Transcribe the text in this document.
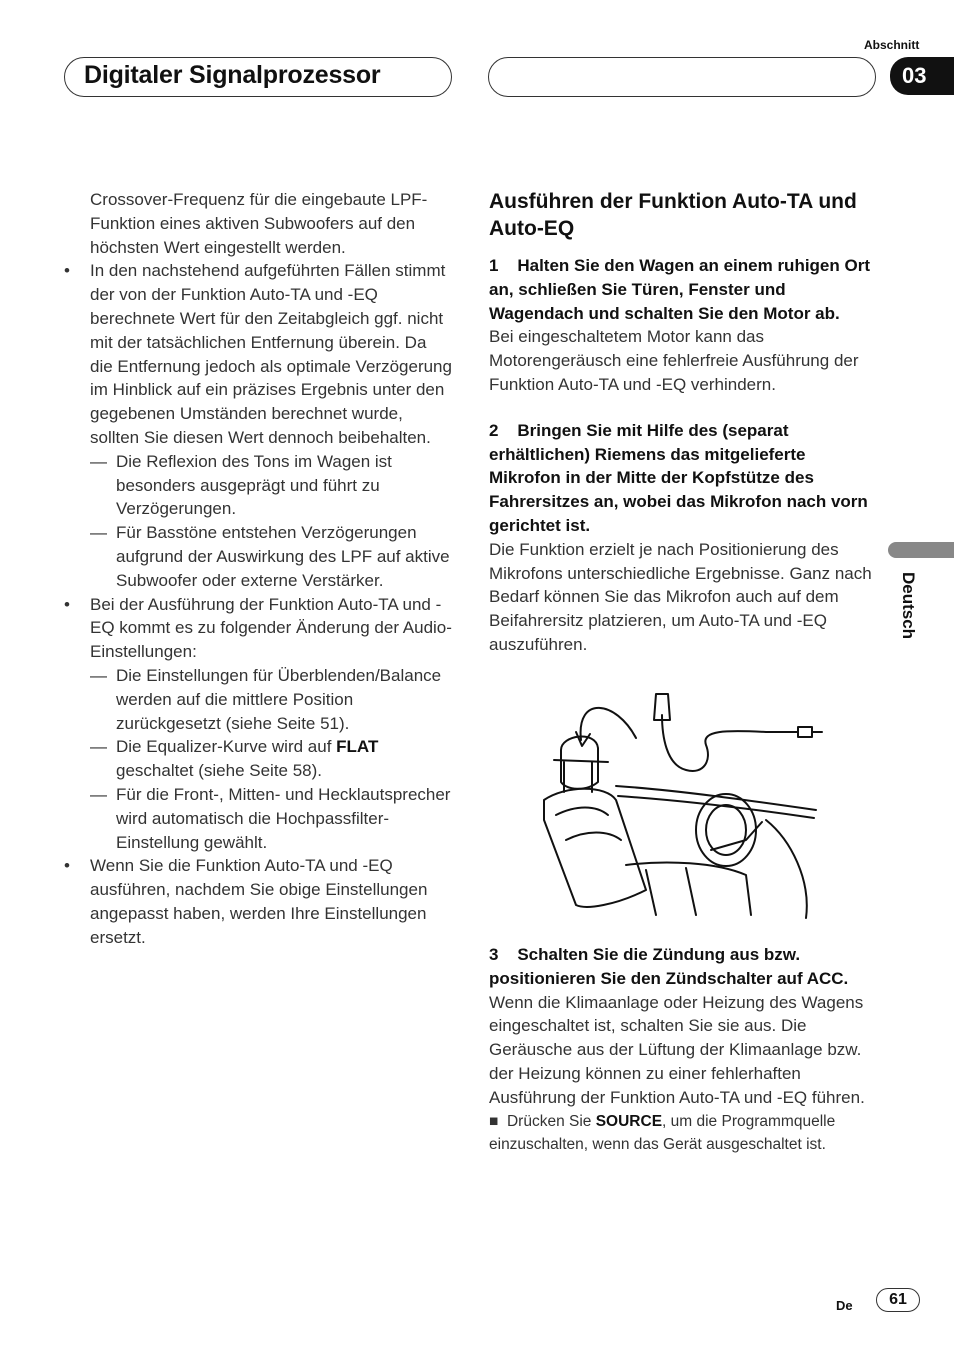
Digitaler Signalprozessor
Abschnitt
03

Crossover-Frequenz für die eingebaute LPF-Funktion eines aktiven Subwoofers auf den höchsten Wert eingestellt werden.

• In den nachstehend aufgeführten Fällen stimmt der von der Funktion Auto-TA und -EQ berechnete Wert für den Zeitabgleich ggf. nicht mit der tatsächlichen Entfernung überein. Da die Entfernung jedoch als optimale Verzögerung im Hinblick auf ein präzises Ergebnis unter den gegebenen Umständen berechnet wurde, sollten Sie diesen Wert dennoch beibehalten.

— Die Reflexion des Tons im Wagen ist besonders ausgeprägt und führt zu Verzögerungen.
— Für Basstöne entstehen Verzögerungen aufgrund der Auswirkung des LPF auf aktive Subwoofer oder externe Verstärker.
• Bei der Ausführung der Funktion Auto-TA und -EQ kommt es zu folgender Änderung der Audio-Einstellungen:

— Die Einstellungen für Überblenden/Balance werden auf die mittlere Position zurückgesetzt (siehe Seite 51).
— Die Equalizer-Kurve wird auf FLAT geschaltet (siehe Seite 58).
— Für die Front-, Mitten- und Hecklautsprecher wird automatisch die Hochpassfilter-Einstellung gewählt.
• Wenn Sie die Funktion Auto-TA und -EQ ausführen, nachdem Sie obige Einstellungen angepasst haben, werden Ihre Einstellungen ersetzt.

Ausführen der Funktion Auto-TA und Auto-EQ

1    Halten Sie den Wagen an einem ruhigen Ort an, schließen Sie Türen, Fenster und Wagendach und schalten Sie den Motor ab.

Bei eingeschaltetem Motor kann das Motorengeräusch eine fehlerfreie Ausführung der Funktion Auto-TA und -EQ verhindern.

2    Bringen Sie mit Hilfe des (separat erhältlichen) Riemens das mitgelieferte Mikrofon in der Mitte der Kopfstütze des Fahrersitzes an, wobei das Mikrofon nach vorn gerichtet ist.

Die Funktion erzielt je nach Positionierung des Mikrofons unterschiedliche Ergebnisse. Ganz nach Bedarf können Sie das Mikrofon auch auf dem Beifahrersitz platzieren, um Auto-TA und -EQ auszuführen.

3    Schalten Sie die Zündung aus bzw. positionieren Sie den Zündschalter auf ACC.

Wenn die Klimaanlage oder Heizung des Wagens eingeschaltet ist, schalten Sie sie aus. Die Geräusche aus der Lüftung der Klimaanlage bzw. der Heizung können zu einer fehlerhaften Ausführung der Funktion Auto-TA und -EQ führen.

■  Drücken Sie SOURCE, um die Programmquelle einzuschalten, wenn das Gerät ausgeschaltet ist.

Deutsch
De	61
